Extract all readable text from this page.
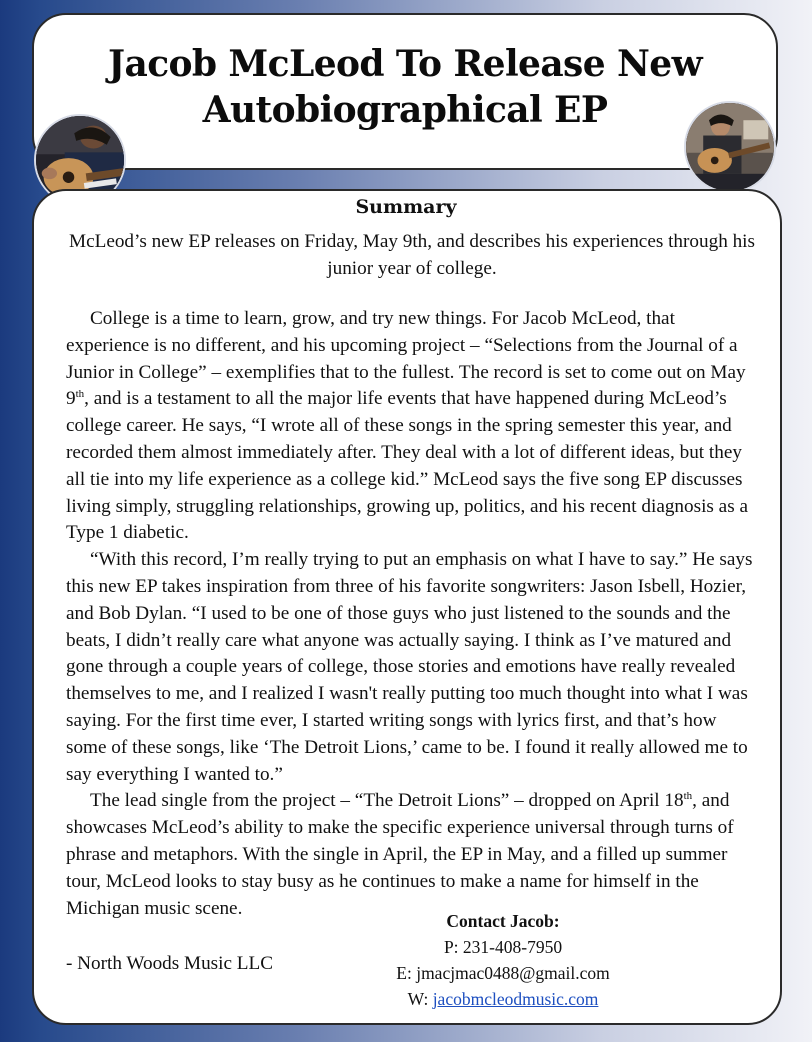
Jacob McLeod To Release New Autobiographical EP
Summary

McLeod’s new EP releases on Friday, May 9th, and describes his experiences through his junior year of college.

College is a time to learn, grow, and try new things. For Jacob McLeod, that experience is no different, and his upcoming project – “Selections from the Journal of a Junior in College” – exemplifies that to the fullest. The record is set to come out on May 9th, and is a testament to all the major life events that have happened during McLeod’s college career. He says, “I wrote all of these songs in the spring semester this year, and recorded them almost immediately after. They deal with a lot of different ideas, but they all tie into my life experience as a college kid.” McLeod says the five song EP discusses living simply, struggling relationships, growing up, politics, and his recent diagnosis as a Type 1 diabetic.

“With this record, I’m really trying to put an emphasis on what I have to say.” He says this new EP takes inspiration from three of his favorite songwriters: Jason Isbell, Hozier, and Bob Dylan. “I used to be one of those guys who just listened to the sounds and the beats, I didn’t really care what anyone was actually saying. I think as I’ve matured and gone through a couple years of college, those stories and emotions have really revealed themselves to me, and I realized I wasn't really putting too much thought into what I was saying. For the first time ever, I started writing songs with lyrics first, and that’s how some of these songs, like ‘The Detroit Lions,’ came to be. I found it really allowed me to say everything I wanted to.”

The lead single from the project – “The Detroit Lions” – dropped on April 18th, and showcases McLeod’s ability to make the specific experience universal through turns of phrase and metaphors. With the single in April, the EP in May, and a filled up summer tour, McLeod looks to stay busy as he continues to make a name for himself in the Michigan music scene.

- North Woods Music LLC

Contact Jacob:
P: 231-408-7950
E: jmacjmac0488@gmail.com
W: jacobmcleodmusic.com
